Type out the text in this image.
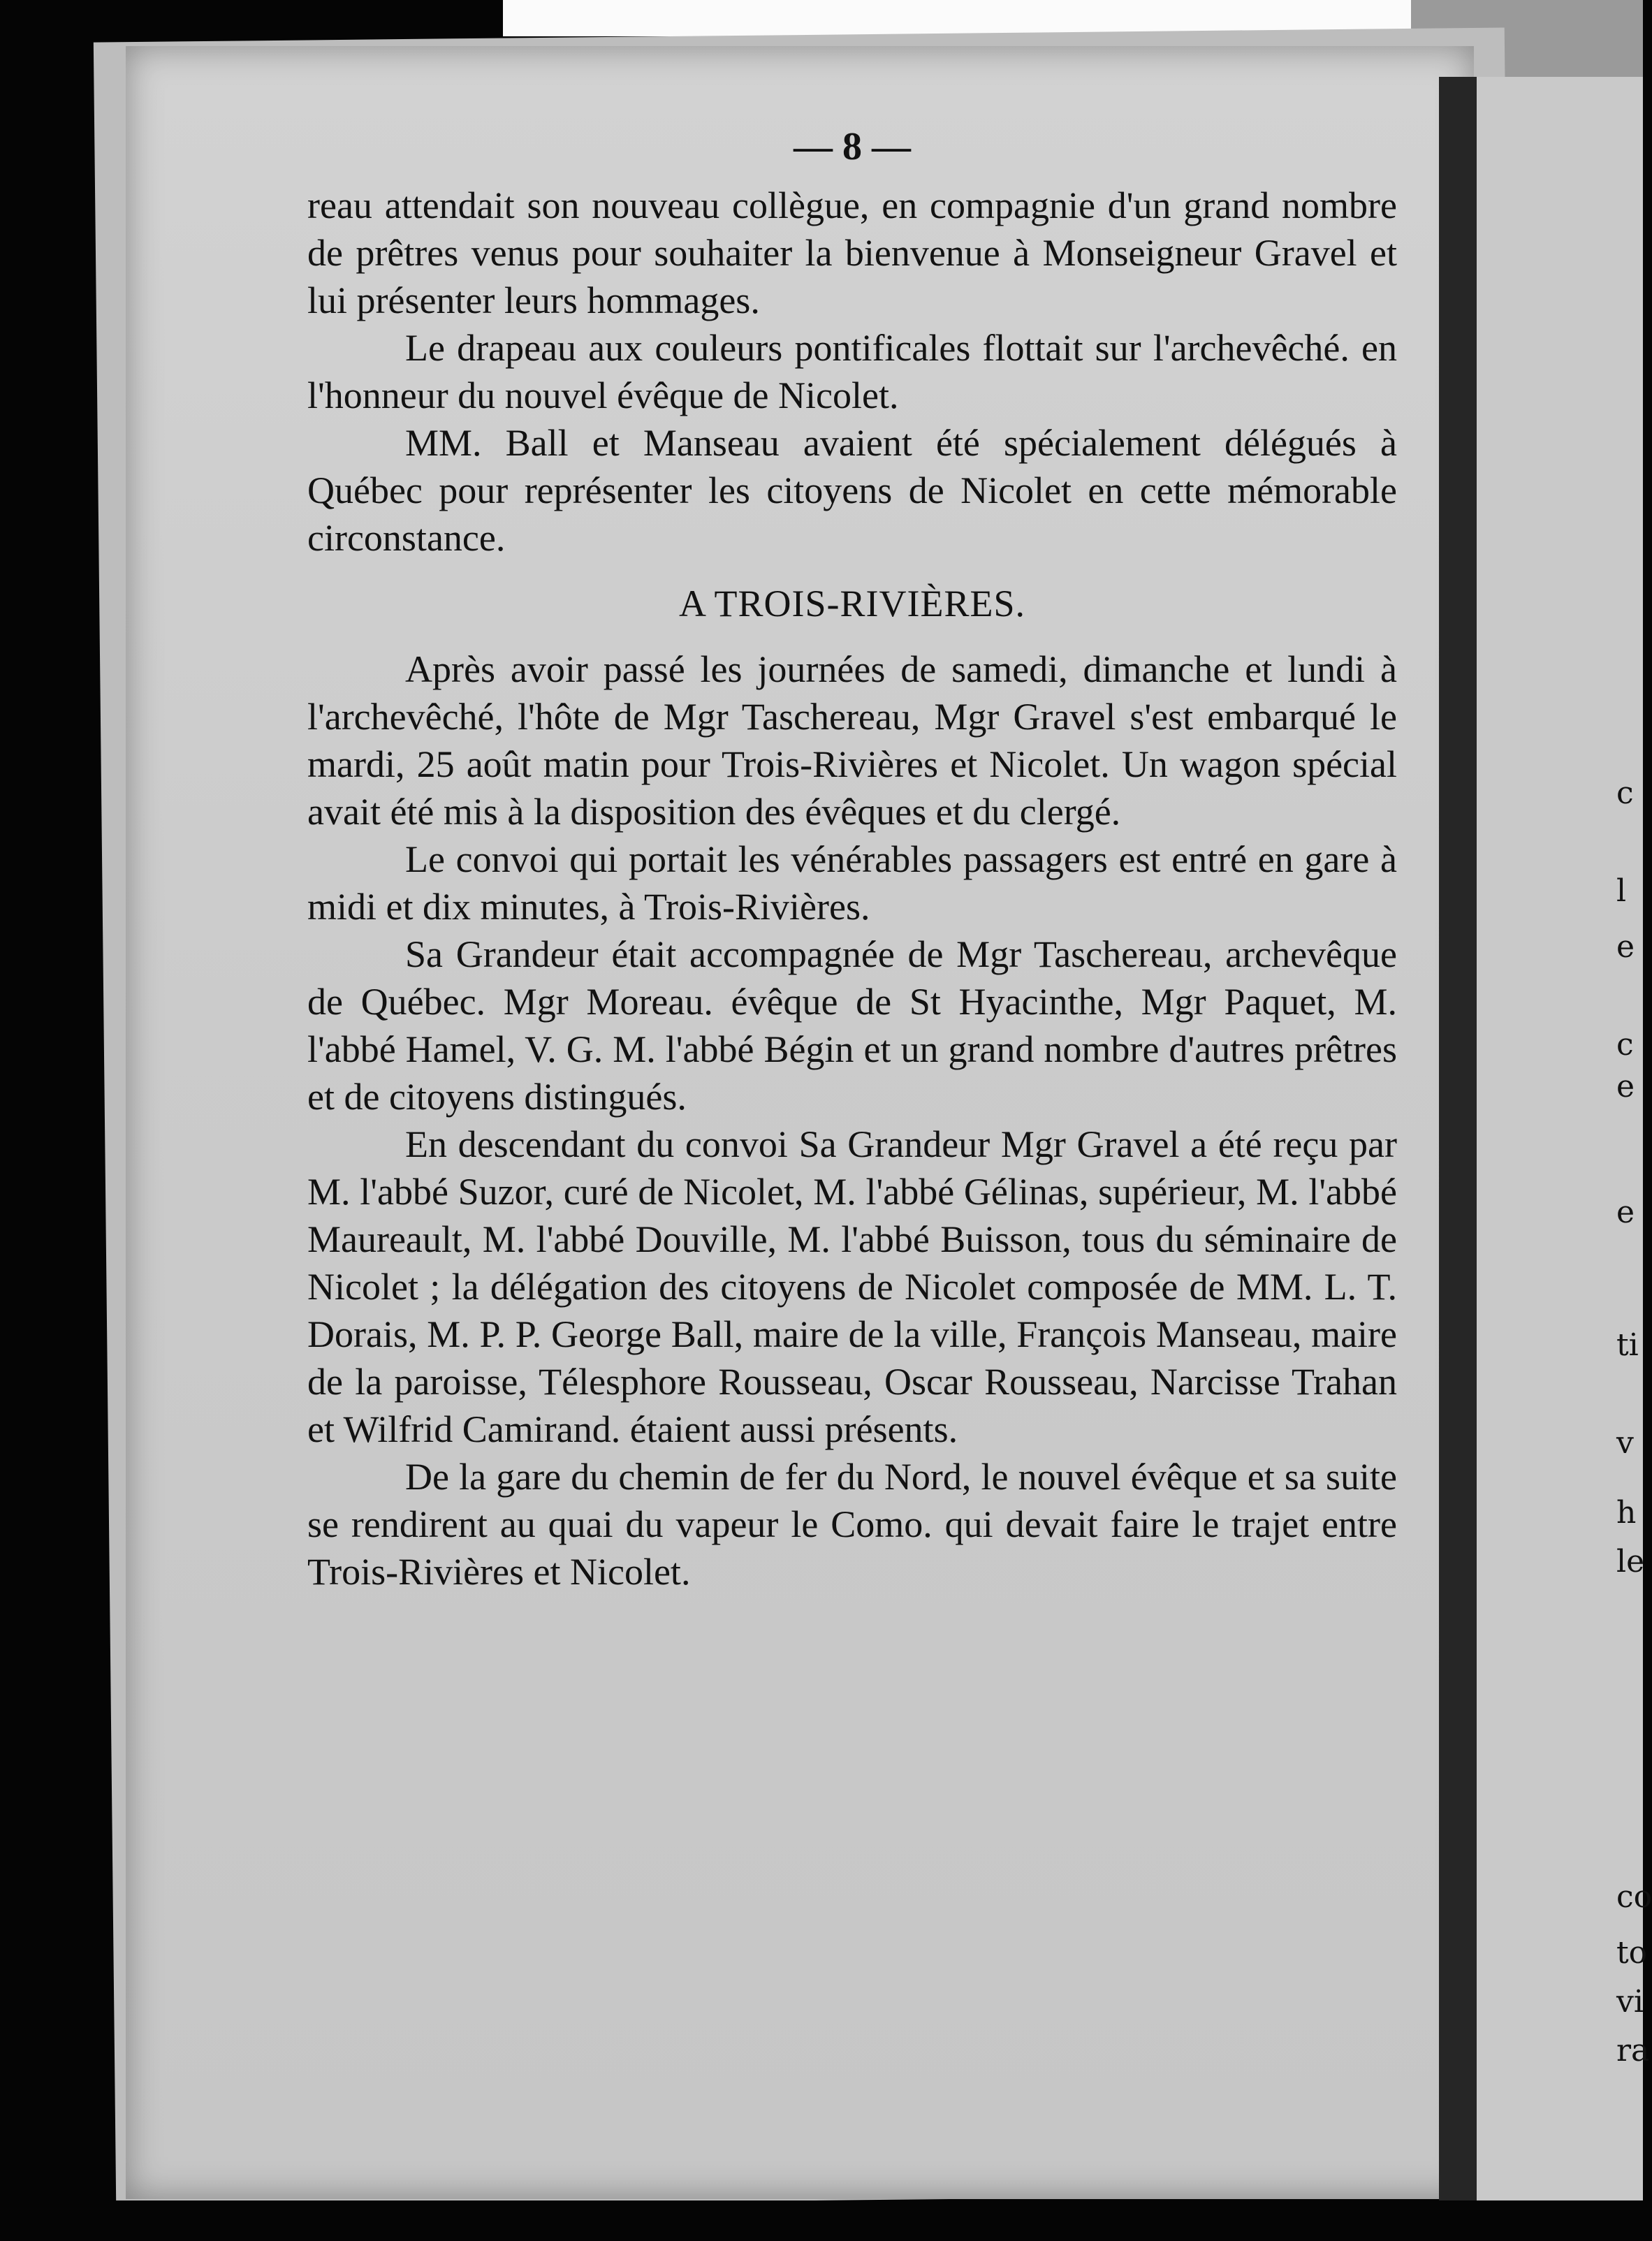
c
l
e
c
e
e
ti
v
h
le
co
to
vi
ra
— 8 —

reau attendait son nouveau collègue, en compagnie d'un grand nombre de prêtres venus pour souhaiter la bienvenue à Monseigneur Gravel et lui présenter leurs hommages.

Le drapeau aux couleurs pontificales flottait sur l'archevêché. en l'honneur du nouvel évêque de Nicolet.

MM. Ball et Manseau avaient été spécialement délégués à Québec pour représenter les citoyens de Nicolet en cette mémorable circonstance.

A TROIS-RIVIÈRES.

Après avoir passé les journées de samedi, dimanche et lundi à l'archevêché, l'hôte de Mgr Taschereau, Mgr Gravel s'est embarqué le mardi, 25 août matin pour Trois-Rivières et Nicolet. Un wagon spécial avait été mis à la disposition des évêques et du clergé.

Le convoi qui portait les vénérables passagers est entré en gare à midi et dix minutes, à Trois-Rivières.

Sa Grandeur était accompagnée de Mgr Taschereau, archevêque de Québec. Mgr Moreau. évêque de St Hyacinthe, Mgr Paquet, M. l'abbé Hamel, V. G. M. l'abbé Bégin et un grand nombre d'autres prêtres et de citoyens distingués.

En descendant du convoi Sa Grandeur Mgr Gravel a été reçu par M. l'abbé Suzor, curé de Nicolet, M. l'abbé Gélinas, supérieur, M. l'abbé Maureault, M. l'abbé Douville, M. l'abbé Buisson, tous du séminaire de Nicolet ; la délégation des citoyens de Nicolet composée de MM. L. T. Dorais, M. P. P. George Ball, maire de la ville, François Manseau, maire de la paroisse, Télesphore Rousseau, Oscar Rousseau, Narcisse Trahan et Wilfrid Camirand. étaient aussi présents.

De la gare du chemin de fer du Nord, le nouvel évêque et sa suite se rendirent au quai du vapeur le Como. qui devait faire le trajet entre Trois-Rivières et Nicolet.
